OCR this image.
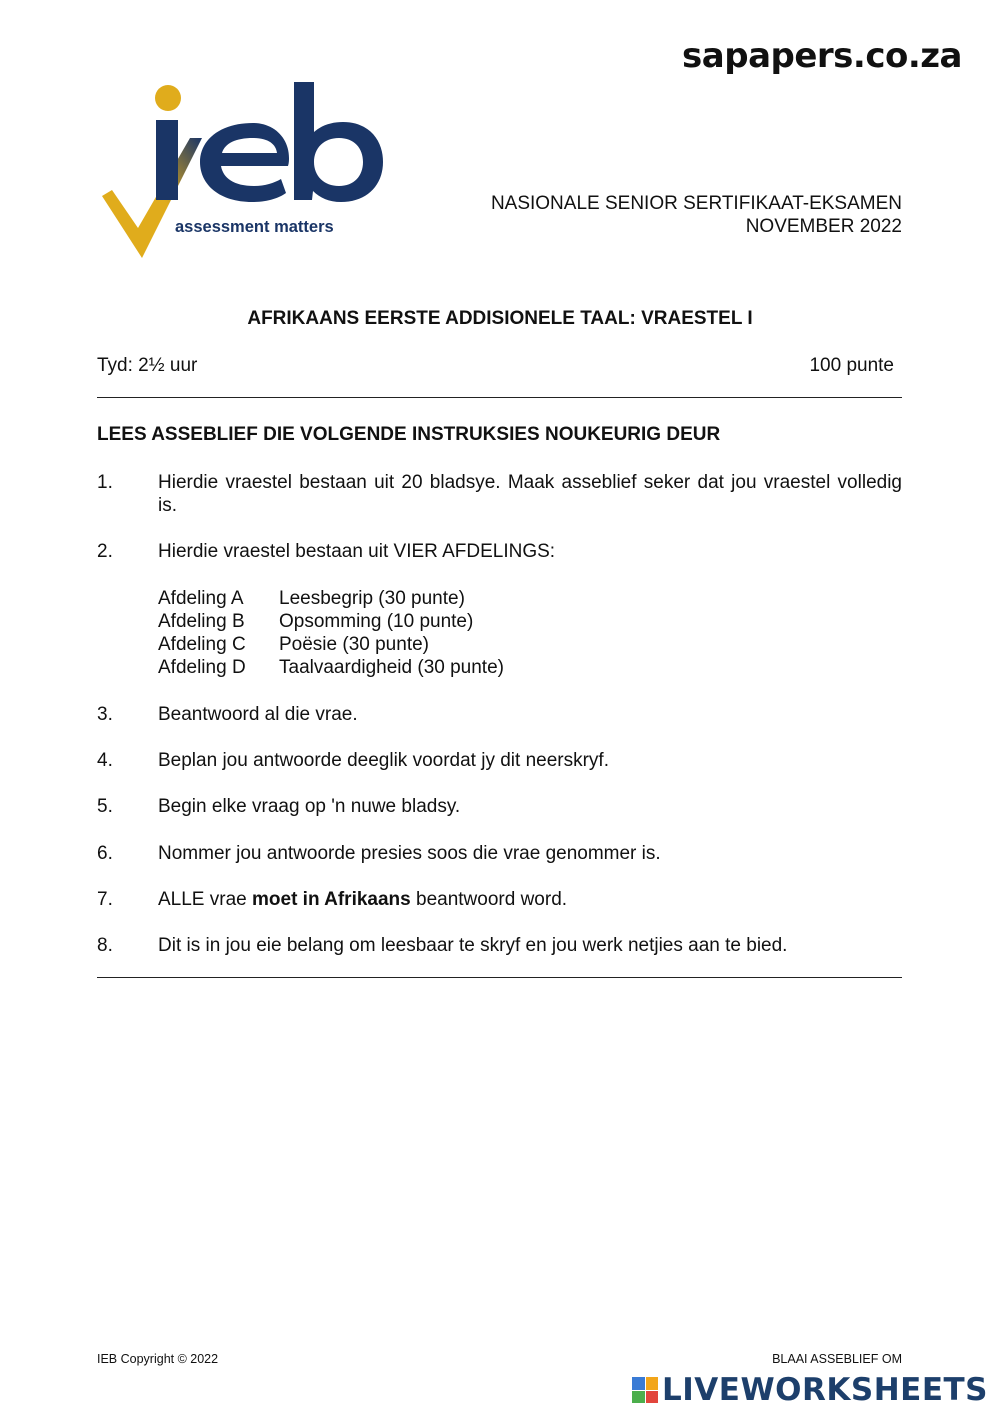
sapapers.co.za
assessment matters
NASIONALE SENIOR SERTIFIKAAT-EKSAMEN
NOVEMBER 2022
AFRIKAANS EERSTE ADDISIONELE TAAL: VRAESTEL I
Tyd: 2½ uur	100 punte
LEES ASSEBLIEF DIE VOLGENDE INSTRUKSIES NOUKEURIG DEUR
1. Hierdie vraestel bestaan uit 20 bladsye. Maak asseblief seker dat jou vraestel volledig is.
2. Hierdie vraestel bestaan uit VIER AFDELINGS:
Afdeling A Leesbegrip (30 punte)
Afdeling B Opsomming (10 punte)
Afdeling C Poësie (30 punte)
Afdeling D Taalvaardigheid (30 punte)
3. Beantwoord al die vrae.
4. Beplan jou antwoorde deeglik voordat jy dit neerskryf.
5. Begin elke vraag op 'n nuwe bladsy.
6. Nommer jou antwoorde presies soos die vrae genommer is.
7. ALLE vrae moet in Afrikaans beantwoord word.
8. Dit is in jou eie belang om leesbaar te skryf en jou werk netjies aan te bied.
IEB Copyright © 2022	BLAAI ASSEBLIEF OM
LIVEWORKSHEETS
